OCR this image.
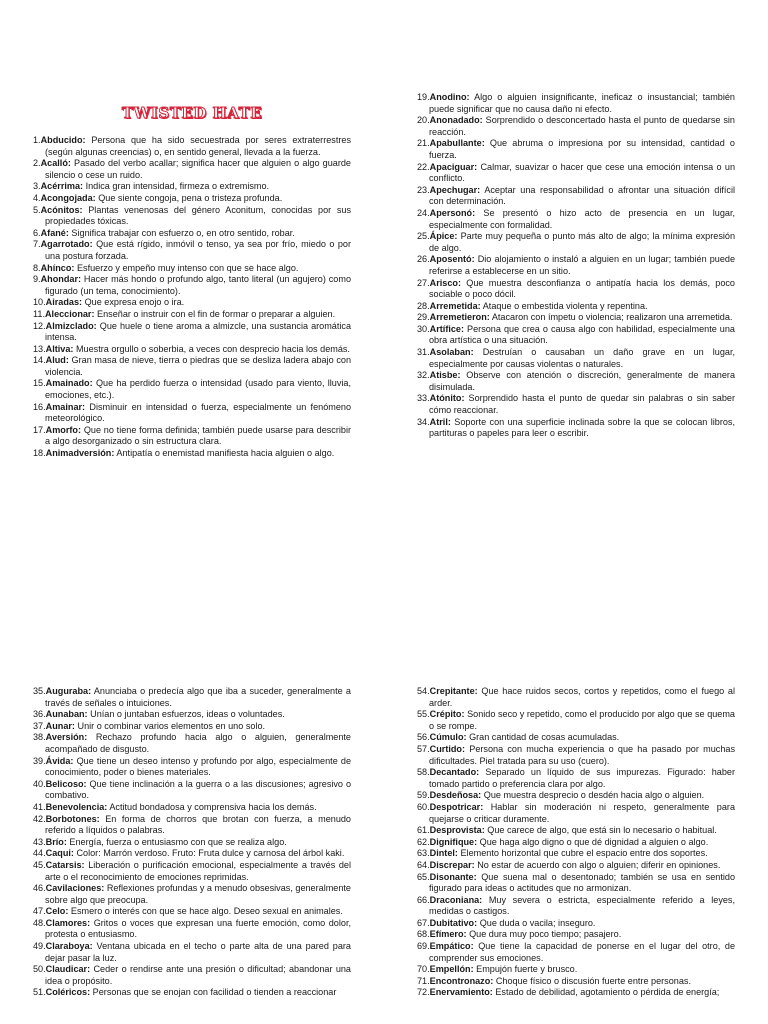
TWISTED HATE

1.Abducido: Persona que ha sido secuestrada por seres extraterrestres (según algunas creencias) o, en sentido general, llevada a la fuerza.

2.Acalló: Pasado del verbo acallar; significa hacer que alguien o algo guarde silencio o cese un ruido.

3.Acérrima: Indica gran intensidad, firmeza o extremismo.

4.Acongojada: Que siente congoja, pena o tristeza profunda.

5.Acónitos: Plantas venenosas del género Aconitum, conocidas por sus propiedades tóxicas.

6.Afané: Significa trabajar con esfuerzo o, en otro sentido, robar.

7.Agarrotado: Que está rígido, inmóvil o tenso, ya sea por frío, miedo o por una postura forzada.

8.Ahínco: Esfuerzo y empeño muy intenso con que se hace algo.

9.Ahondar: Hacer más hondo o profundo algo, tanto literal (un agujero) como figurado (un tema, conocimiento).

10.Airadas: Que expresa enojo o ira.

11.Aleccionar: Enseñar o instruir con el fin de formar o preparar a alguien.

12.Almizclado: Que huele o tiene aroma a almizcle, una sustancia aromática intensa.

13.Altiva: Muestra orgullo o soberbia, a veces con desprecio hacia los demás.

14.Alud: Gran masa de nieve, tierra o piedras que se desliza ladera abajo con violencia.

15.Amainado: Que ha perdido fuerza o intensidad (usado para viento, lluvia, emociones, etc.).

16.Amainar: Disminuir en intensidad o fuerza, especialmente un fenómeno meteorológico.

17.Amorfo: Que no tiene forma definida; también puede usarse para describir a algo desorganizado o sin estructura clara.

18.Animadversión: Antipatía o enemistad manifiesta hacia alguien o algo.

19.Anodino: Algo o alguien insignificante, ineficaz o insustancial; también puede significar que no causa daño ni efecto.

20.Anonadado: Sorprendido o desconcertado hasta el punto de quedarse sin reacción.

21.Apabullante: Que abruma o impresiona por su intensidad, cantidad o fuerza.

22.Apaciguar: Calmar, suavizar o hacer que cese una emoción intensa o un conflicto.

23.Apechugar: Aceptar una responsabilidad o afrontar una situación difícil con determinación.

24.Apersonó: Se presentó o hizo acto de presencia en un lugar, especialmente con formalidad.

25.Ápice: Parte muy pequeña o punto más alto de algo; la mínima expresión de algo.

26.Aposentó: Dio alojamiento o instaló a alguien en un lugar; también puede referirse a establecerse en un sitio.

27.Arisco: Que muestra desconfianza o antipatía hacia los demás, poco sociable o poco dócil.

28.Arremetida: Ataque o embestida violenta y repentina.

29.Arremetieron: Atacaron con ímpetu o violencia; realizaron una arremetida.

30.Artífice: Persona que crea o causa algo con habilidad, especialmente una obra artística o una situación.

31.Asolaban: Destruían o causaban un daño grave en un lugar, especialmente por causas violentas o naturales.

32.Atisbe: Observe con atención o discreción, generalmente de manera disimulada.

33.Atónito: Sorprendido hasta el punto de quedar sin palabras o sin saber cómo reaccionar.

34.Atril: Soporte con una superficie inclinada sobre la que se colocan libros, partituras o papeles para leer o escribir.

35.Auguraba: Anunciaba o predecía algo que iba a suceder, generalmente a través de señales o intuiciones.

36.Aunaban: Unían o juntaban esfuerzos, ideas o voluntades.

37.Aunar: Unir o combinar varios elementos en uno solo.

38.Aversión: Rechazo profundo hacia algo o alguien, generalmente acompañado de disgusto.

39.Ávida: Que tiene un deseo intenso y profundo por algo, especialmente de conocimiento, poder o bienes materiales.

40.Belicoso: Que tiene inclinación a la guerra o a las discusiones; agresivo o combativo.

41.Benevolencia: Actitud bondadosa y comprensiva hacia los demás.

42.Borbotones: En forma de chorros que brotan con fuerza, a menudo referido a líquidos o palabras.

43.Brío: Energía, fuerza o entusiasmo con que se realiza algo.

44.Caqui: Color: Marrón verdoso. Fruto: Fruta dulce y carnosa del árbol kaki.

45.Catarsis: Liberación o purificación emocional, especialmente a través del arte o el reconocimiento de emociones reprimidas.

46.Cavilaciones: Reflexiones profundas y a menudo obsesivas, generalmente sobre algo que preocupa.

47.Celo: Esmero o interés con que se hace algo. Deseo sexual en animales.

48.Clamores: Gritos o voces que expresan una fuerte emoción, como dolor, protesta o entusiasmo.

49.Claraboya: Ventana ubicada en el techo o parte alta de una pared para dejar pasar la luz.

50.Claudicar: Ceder o rendirse ante una presión o dificultad; abandonar una idea o propósito.

51.Coléricos: Personas que se enojan con facilidad o tienden a reaccionar

54.Crepitante: Que hace ruidos secos, cortos y repetidos, como el fuego al arder.

55.Crépito: Sonido seco y repetido, como el producido por algo que se quema o se rompe.

56.Cúmulo: Gran cantidad de cosas acumuladas.

57.Curtido: Persona con mucha experiencia o que ha pasado por muchas dificultades. Piel tratada para su uso (cuero).

58.Decantado: Separado un líquido de sus impurezas. Figurado: haber tomado partido o preferencia clara por algo.

59.Desdeñosa: Que muestra desprecio o desdén hacia algo o alguien.

60.Despotricar: Hablar sin moderación ni respeto, generalmente para quejarse o criticar duramente.

61.Desprovista: Que carece de algo, que está sin lo necesario o habitual.

62.Dignifique: Que haga algo digno o que dé dignidad a alguien o algo.

63.Dintel: Elemento horizontal que cubre el espacio entre dos soportes.

64.Discrepar: No estar de acuerdo con algo o alguien; diferir en opiniones.

65.Disonante: Que suena mal o desentonado; también se usa en sentido figurado para ideas o actitudes que no armonizan.

66.Draconiana: Muy severa o estricta, especialmente referido a leyes, medidas o castigos.

67.Dubitativo: Que duda o vacila; inseguro.

68.Efímero: Que dura muy poco tiempo; pasajero.

69.Empático: Que tiene la capacidad de ponerse en el lugar del otro, de comprender sus emociones.

70.Empellón: Empujón fuerte y brusco.

71.Encontronazo: Choque físico o discusión fuerte entre personas.

72.Enervamiento: Estado de debilidad, agotamiento o pérdida de energía;
